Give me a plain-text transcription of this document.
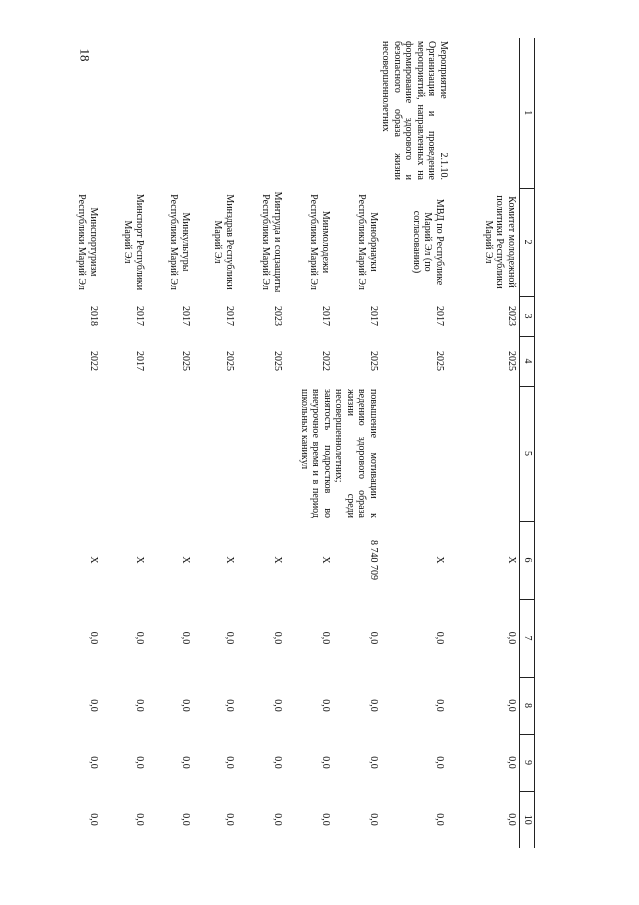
18
1	2	3	4	5	6	7	8	9	10

Мероприятие 2.1.10. Организация и проведение мероприятий, направленных на формирование здорового и безопасного образа жизни несовершеннолетних	Комитет молодежной политики Республики Марий Эл	2023	2025		X	0,0	0,0	0,0	0,0
	МВД по Республике Марий Эл (по согласованию)	2017	2025		X	0,0	0,0	0,0	0,0
	Минобрнауки Республики Марий Эл	2017	2025	повышение мотивации к ведению здорового образа жизни среди несовершеннолетних; занятость подростков во внеурочное время и в период школьных каникул	8 740 709	0,0	0,0	0,0	0,0
	Минмолодежи Республики Марий Эл	2017	2022		X	0,0	0,0	0,0	0,0
	Минтруда и соцзащиты Республики Марий Эл	2023	2025		X	0,0	0,0	0,0	0,0
	Минздрав Республики Марий Эл	2017	2025		X	0,0	0,0	0,0	0,0
	Минкультуры Республики Марий Эл	2017	2025		X	0,0	0,0	0,0	0,0
	Минспорт Республики Марий Эл	2017	2017		X	0,0	0,0	0,0	0,0
	Минспортуризм Республики Марий Эл	2018	2022		X	0,0	0,0	0,0	0,0
